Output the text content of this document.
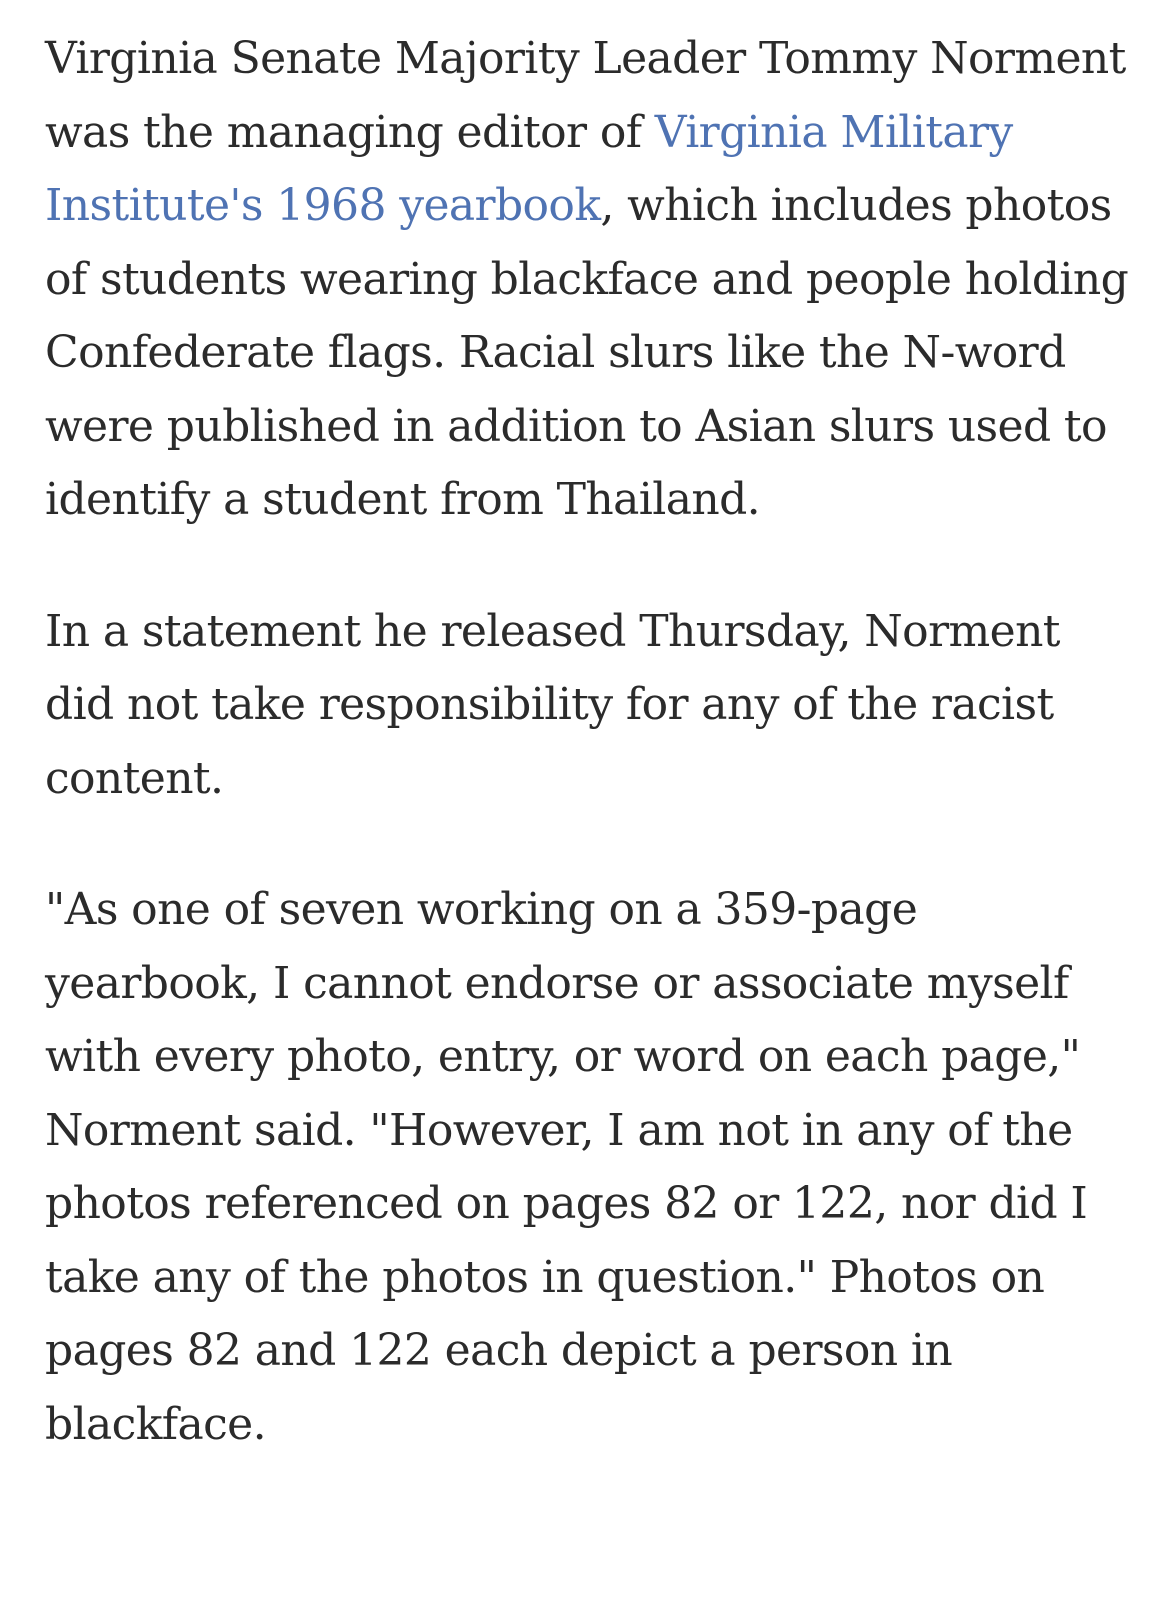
Virginia Senate Majority Leader Tommy Norment was the managing editor of Virginia Military Institute's 1968 yearbook, which includes photos of students wearing blackface and people holding Confederate flags. Racial slurs like the N-word were published in addition to Asian slurs used to identify a student from Thailand.

In a statement he released Thursday, Norment did not take responsibility for any of the racist content.

"As one of seven working on a 359-page yearbook, I cannot endorse or associate myself with every photo, entry, or word on each page," Norment said. "However, I am not in any of the photos referenced on pages 82 or 122, nor did I take any of the photos in question." Photos on pages 82 and 122 each depict a person in blackface.
